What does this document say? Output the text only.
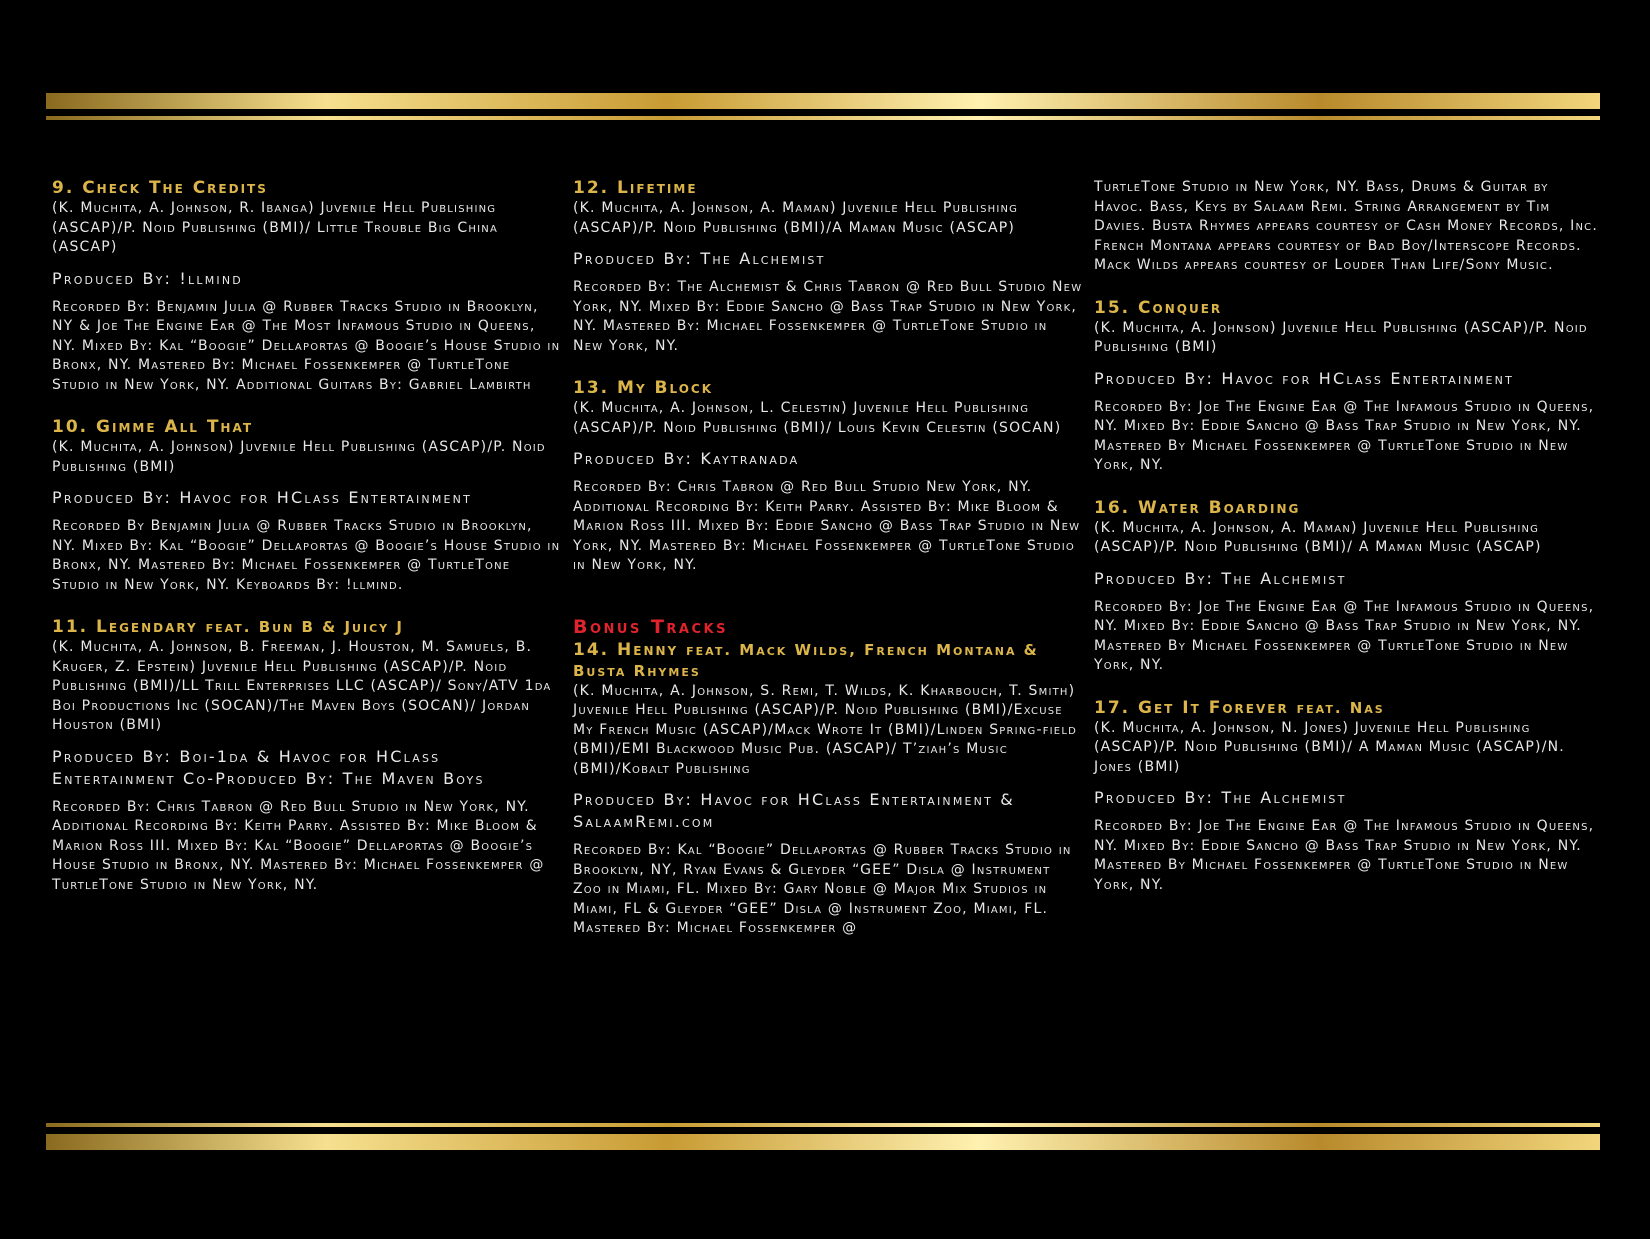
9. Check The Credits

(K. Muchita, A. Johnson, R. Ibanga) Juvenile Hell Publishing (ASCAP)/P. Noid Publishing (BMI)/ Little Trouble Big China (ASCAP)

Produced By: !llmind

Recorded By: Benjamin Julia @ Rubber Tracks Studio in Brooklyn, NY & Joe The Engine Ear @ The Most Infamous Studio in Queens, NY. Mixed By: Kal “Boogie” Dellaportas @ Boogie’s House Studio in Bronx, NY. Mastered By: Michael Fossenkemper @ TurtleTone Studio in New York, NY. Additional Guitars By: Gabriel Lambirth

10. Gimme All That

(K. Muchita, A. Johnson) Juvenile Hell Publishing (ASCAP)/P. Noid Publishing (BMI)

Produced By: Havoc for HClass Entertainment

Recorded By Benjamin Julia @ Rubber Tracks Studio in Brooklyn, NY. Mixed By: Kal “Boogie” Dellaportas @ Boogie’s House Studio in Bronx, NY. Mastered By: Michael Fossenkemper @ TurtleTone Studio in New York, NY. Keyboards By: !llmind.

11. Legendary feat. Bun B & Juicy J

(K. Muchita, A. Johnson, B. Freeman, J. Houston, M. Samuels, B. Kruger, Z. Epstein) Juvenile Hell Publishing (ASCAP)/P. Noid Publishing (BMI)/LL Trill Enterprises LLC (ASCAP)/ Sony/ATV 1da Boi Productions Inc (SOCAN)/The Maven Boys (SOCAN)/ Jordan Houston (BMI)

Produced By: Boi-1da & Havoc for HClass Entertainment Co-Produced By: The Maven Boys

Recorded By: Chris Tabron @ Red Bull Studio in New York, NY. Additional Recording By: Keith Parry. Assisted By: Mike Bloom & Marion Ross III. Mixed By: Kal “Boogie” Dellaportas @ Boogie’s House Studio in Bronx, NY. Mastered By: Michael Fossenkemper @ TurtleTone Studio in New York, NY.

12. Lifetime

(K. Muchita, A. Johnson, A. Maman) Juvenile Hell Publishing (ASCAP)/P. Noid Publishing (BMI)/A Maman Music (ASCAP)

Produced By: The Alchemist

Recorded By: The Alchemist & Chris Tabron @ Red Bull Studio New York, NY. Mixed By: Eddie Sancho @ Bass Trap Studio in New York, NY. Mastered By: Michael Fossenkemper @ TurtleTone Studio in New York, NY.

13. My Block

(K. Muchita, A. Johnson, L. Celestin) Juvenile Hell Publishing (ASCAP)/P. Noid Publishing (BMI)/ Louis Kevin Celestin (SOCAN)

Produced By: Kaytranada

Recorded By: Chris Tabron @ Red Bull Studio New York, NY. Additional Recording By: Keith Parry. Assisted By: Mike Bloom & Marion Ross III. Mixed By: Eddie Sancho @ Bass Trap Studio in New York, NY. Mastered By: Michael Fossenkemper @ TurtleTone Studio in New York, NY.

Bonus Tracks
14. Henny feat. Mack Wilds, French Montana & Busta Rhymes

(K. Muchita, A. Johnson, S. Remi, T. Wilds, K. Kharbouch, T. Smith) Juvenile Hell Publishing (ASCAP)/P. Noid Publishing (BMI)/Excuse My French Music (ASCAP)/Mack Wrote It (BMI)/Linden Spring-field (BMI)/EMI Blackwood Music Pub. (ASCAP)/ T’ziah’s Music (BMI)/Kobalt Publishing

Produced By: Havoc for HClass Entertainment & SalaamRemi.com

Recorded By: Kal “Boogie” Dellaportas @ Rubber Tracks Studio in Brooklyn, NY, Ryan Evans & Gleyder “GEE” Disla @ Instrument Zoo in Miami, FL. Mixed By: Gary Noble @ Major Mix Studios in Miami, FL & Gleyder “GEE” Disla @ Instrument Zoo, Miami, FL. Mastered By: Michael Fossenkemper @

TurtleTone Studio in New York, NY. Bass, Drums & Guitar by Havoc. Bass, Keys by Salaam Remi. String Arrangement by Tim Davies. Busta Rhymes appears courtesy of Cash Money Records, Inc. French Montana appears courtesy of Bad Boy/Interscope Records. Mack Wilds appears courtesy of Louder Than Life/Sony Music.

15. Conquer

(K. Muchita, A. Johnson) Juvenile Hell Publishing (ASCAP)/P. Noid Publishing (BMI)

Produced By: Havoc for HClass Entertainment

Recorded By: Joe The Engine Ear @ The Infamous Studio in Queens, NY. Mixed By: Eddie Sancho @ Bass Trap Studio in New York, NY. Mastered By Michael Fossenkemper @ TurtleTone Studio in New York, NY.

16. Water Boarding

(K. Muchita, A. Johnson, A. Maman) Juvenile Hell Publishing (ASCAP)/P. Noid Publishing (BMI)/ A Maman Music (ASCAP)

Produced By: The Alchemist

Recorded By: Joe The Engine Ear @ The Infamous Studio in Queens, NY. Mixed By: Eddie Sancho @ Bass Trap Studio in New York, NY. Mastered By Michael Fossenkemper @ TurtleTone Studio in New York, NY.

17. Get It Forever feat. Nas

(K. Muchita, A. Johnson, N. Jones) Juvenile Hell Publishing (ASCAP)/P. Noid Publishing (BMI)/ A Maman Music (ASCAP)/N. Jones (BMI)

Produced By: The Alchemist

Recorded By: Joe The Engine Ear @ The Infamous Studio in Queens, NY. Mixed By: Eddie Sancho @ Bass Trap Studio in New York, NY. Mastered By Michael Fossenkemper @ TurtleTone Studio in New York, NY.
